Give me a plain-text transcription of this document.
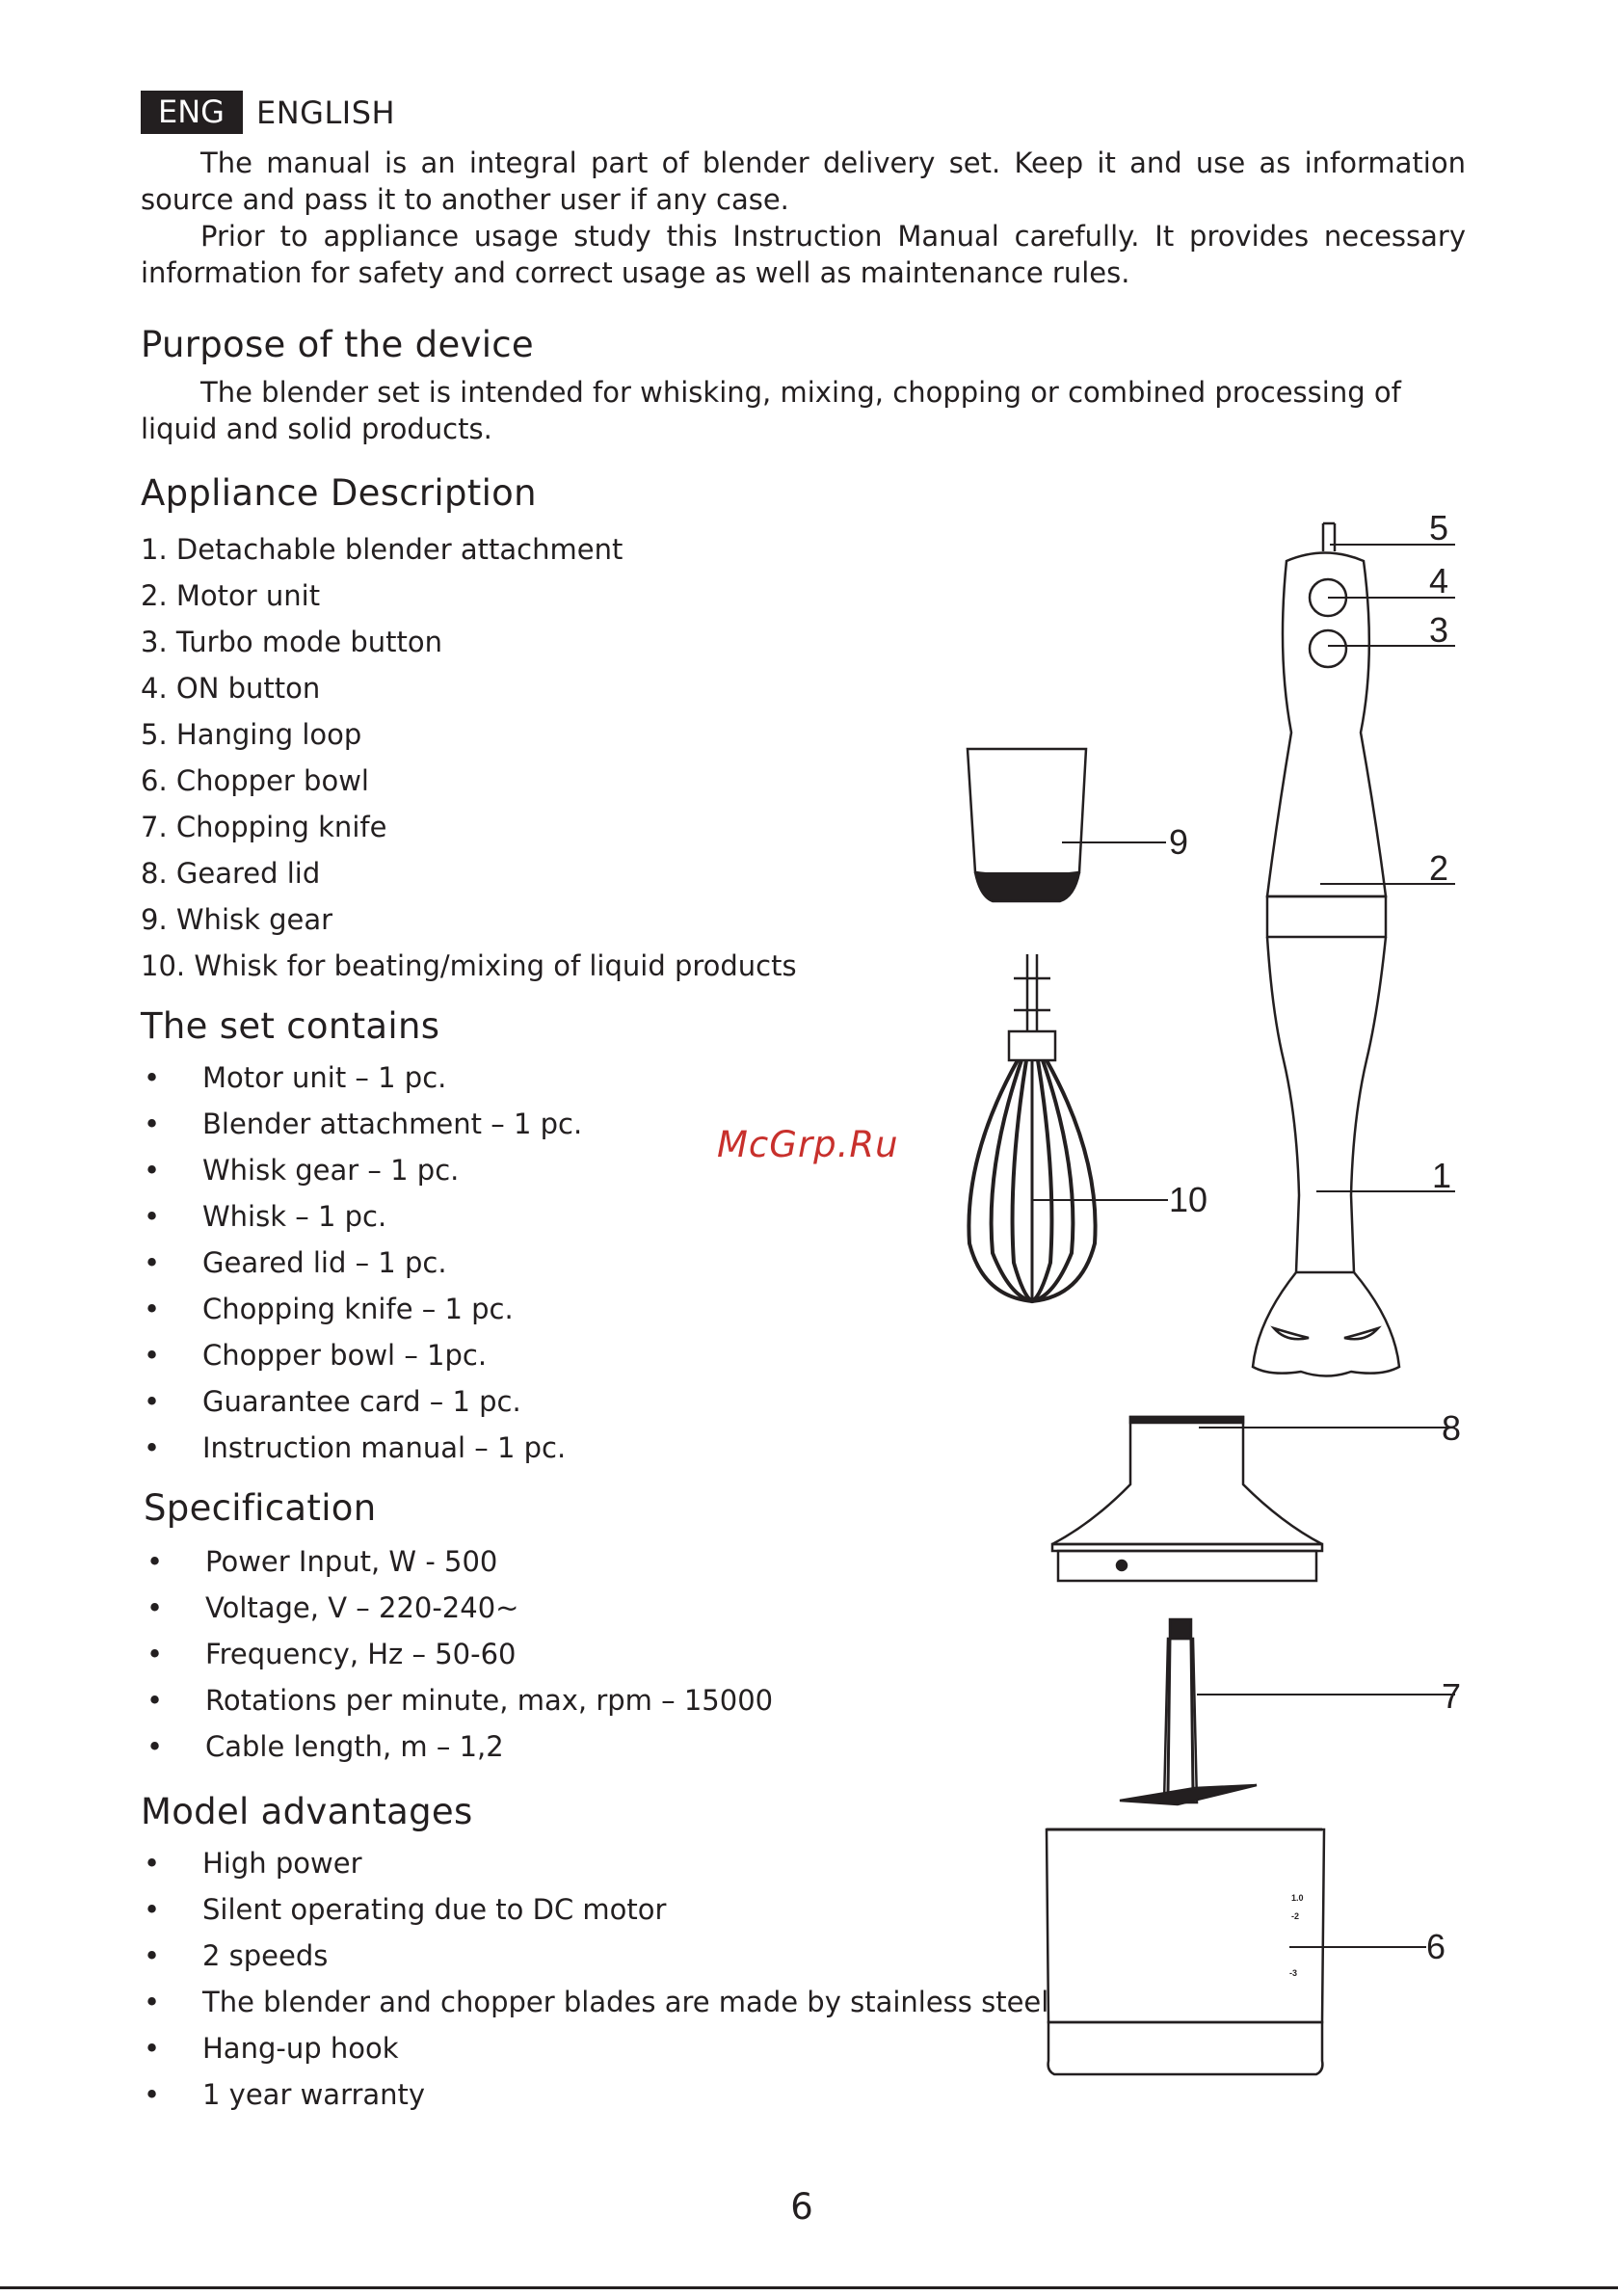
ENG	ENGLISH

The manual is an integral part of blender delivery set. Keep it and use as information source and pass it to another user if any case.

Prior to appliance usage study this Instruction Manual carefully. It provides necessary information for safety and correct usage as well as maintenance rules.

Purpose of the device

The blender set is intended for whisking, mixing, chopping or combined processing of liquid and solid products.

Appliance Description
1. Detachable blender attachment
2. Motor unit
3. Turbo mode button
4. ON button
5. Hanging loop
6. Chopper bowl
7. Chopping knife
8. Geared lid
9. Whisk gear
10. Whisk for beating/mixing of liquid products
The set contains
• Motor unit – 1 pc.
• Blender attachment – 1 pc.
• Whisk gear – 1 pc.
• Whisk – 1 pc.
• Geared lid – 1 pc.
• Chopping knife – 1 pc.
• Chopper bowl – 1pc.
• Guarantee card – 1 pc.
• Instruction manual – 1 pc.
Specification
• Power Input, W - 500
• Voltage, V – 220-240~
• Frequency, Hz – 50-60
• Rotations per minute, max, rpm – 15000
• Cable length, m – 1,2
Model advantages
• High power
• Silent operating due to DC motor
• 2 speeds
• The blender and chopper blades are made by stainless steel
• Hang-up hook
• 1 year warranty
McGrp.Ru
1.0
-2
-3
5
4
3
2
1
9
10
8
7
6
6
